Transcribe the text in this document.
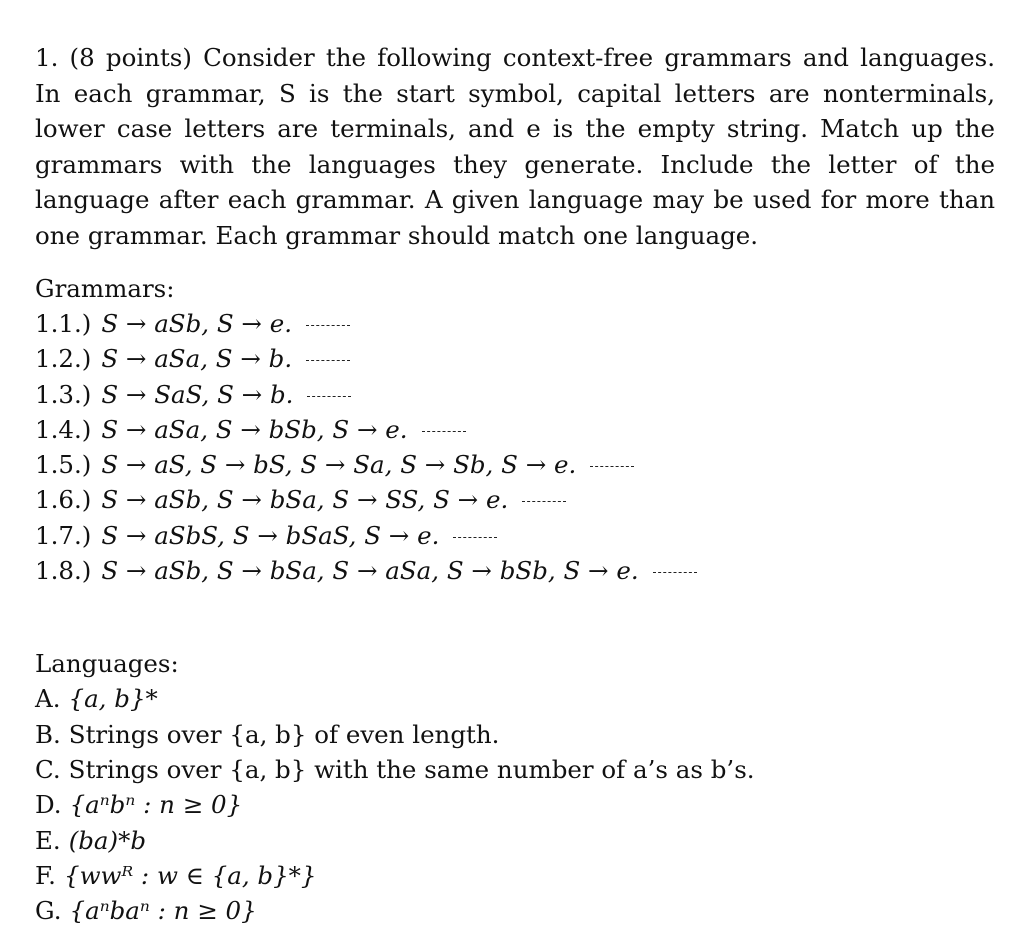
1. (8 points) Consider the following context-free grammars and languages. In each grammar, S is the start symbol, capital letters are nonterminals, lower case letters are terminals, and e is the empty string. Match up the grammars with the languages they generate. Include the letter of the language after each grammar. A given language may be used for more than one grammar. Each grammar should match one language.

Grammars:

1.1.) S → aSb, S → e.
1.2.) S → aSa, S → b.
1.3.) S → SaS, S → b.
1.4.) S → aSa, S → bSb, S → e.
1.5.) S → aS, S → bS, S → Sa, S → Sb, S → e.
1.6.) S → aSb, S → bSa, S → SS, S → e.
1.7.) S → aSbS, S → bSaS, S → e.
1.8.) S → aSb, S → bSa, S → aSa, S → bSb, S → e.

Languages:

A. {a, b}*
B. Strings over {a, b} of even length.
C. Strings over {a, b} with the same number of a’s as b’s.
D. {aⁿbⁿ : n ≥ 0}
E. (ba)*b
F. {wwᴿ : w ∈ {a, b}*}
G. {aⁿbaⁿ : n ≥ 0}
